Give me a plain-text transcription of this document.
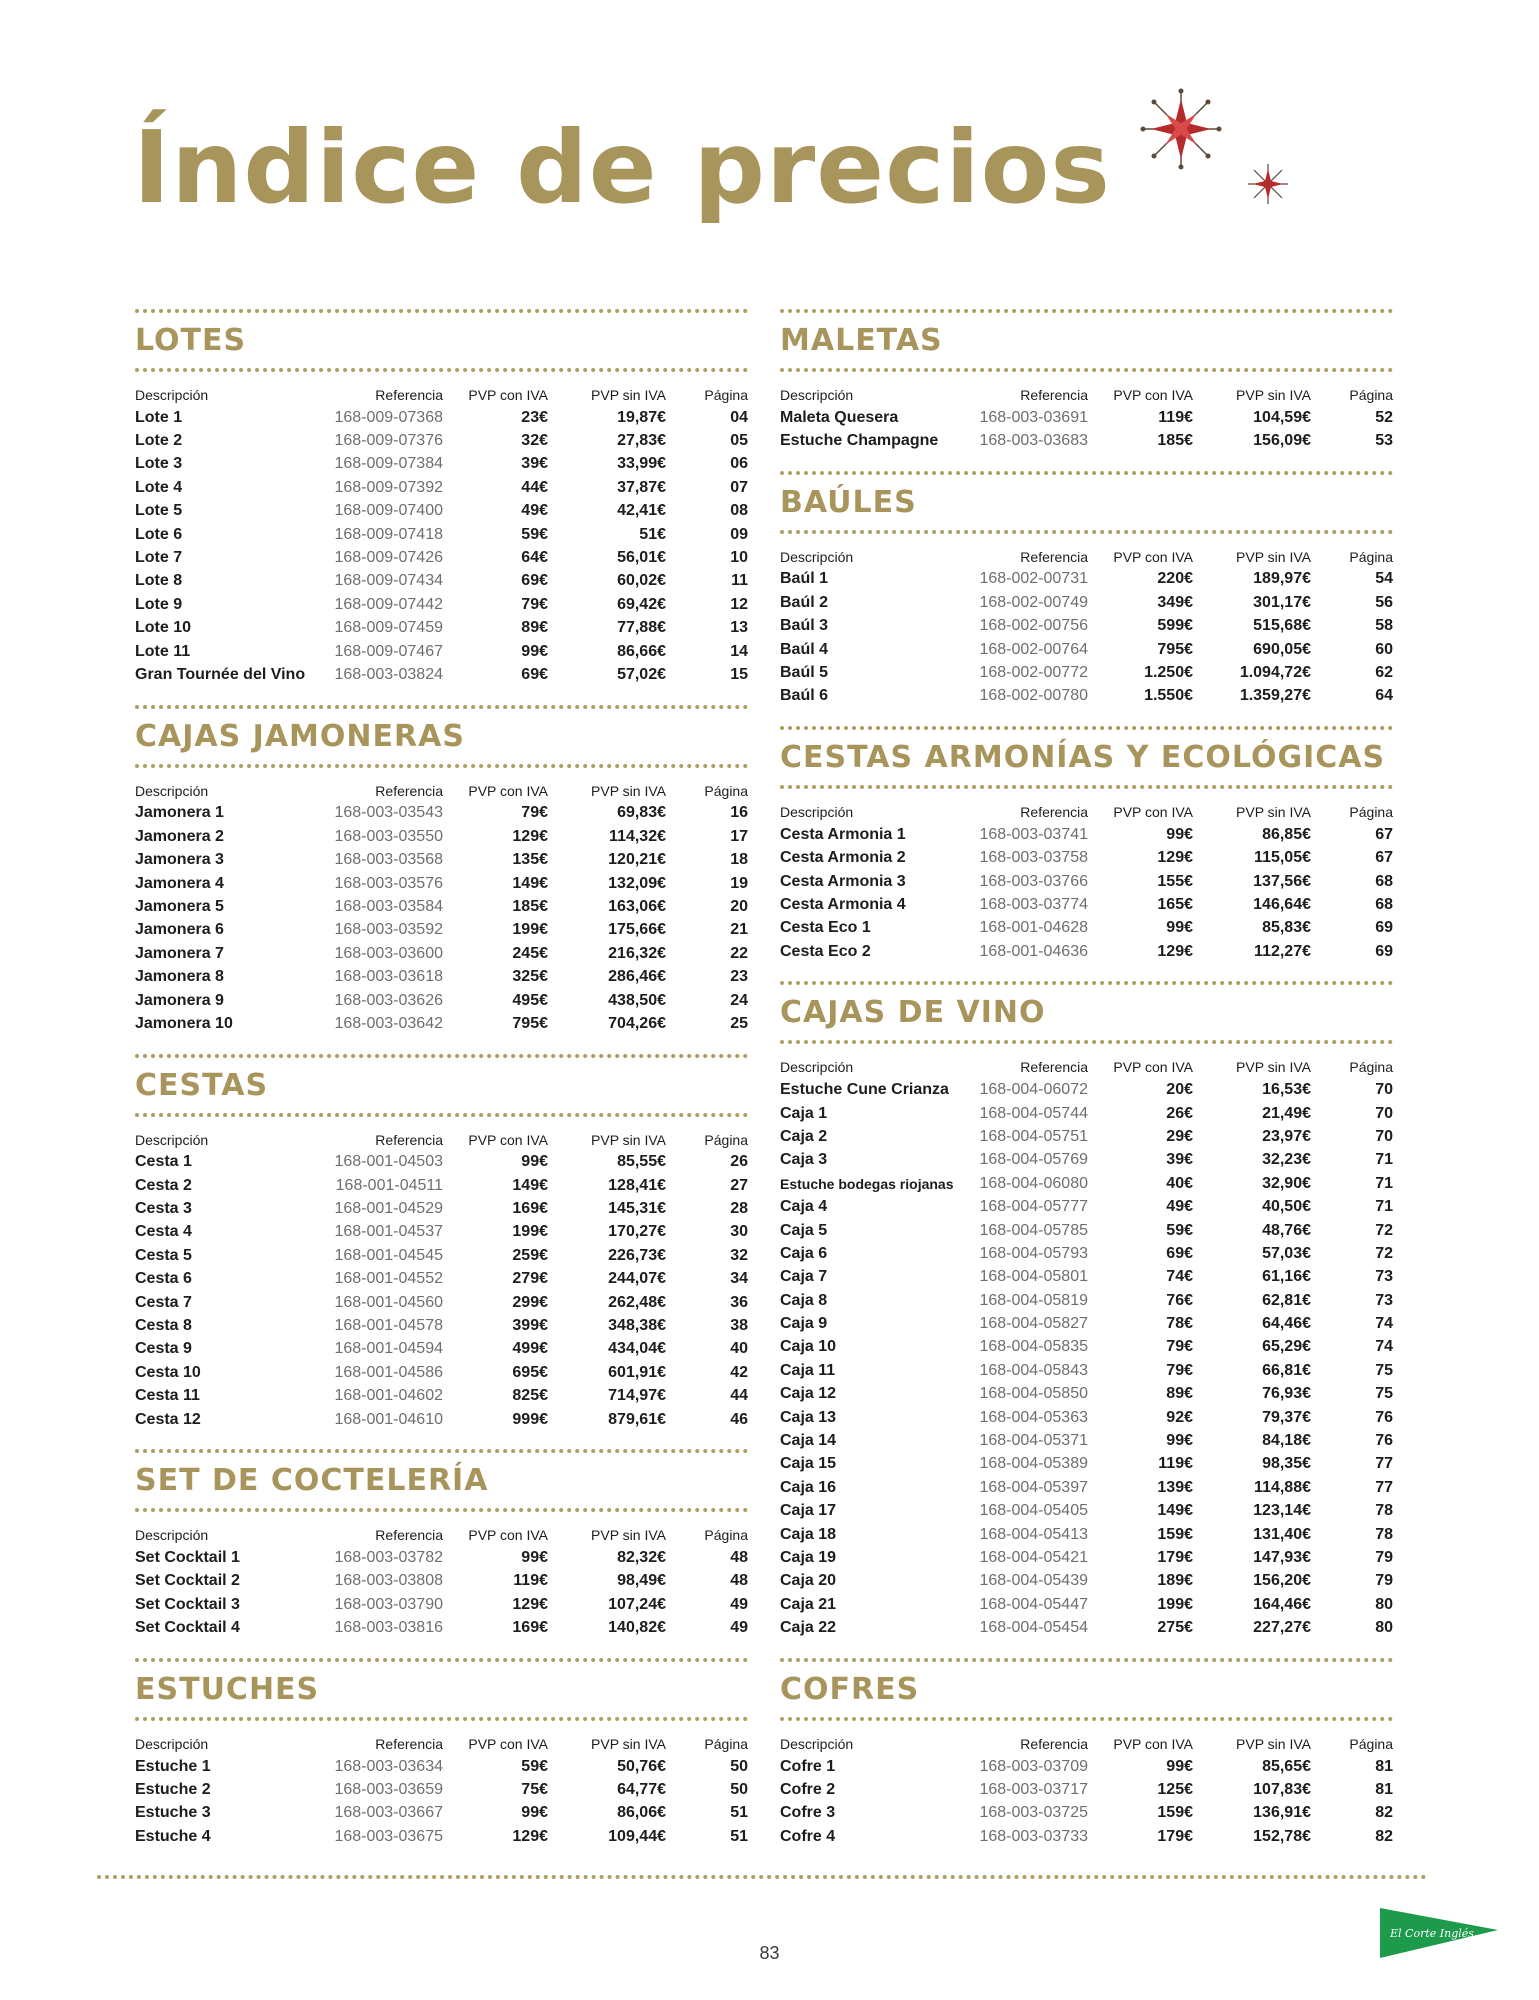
Índice de precios
LOTES
Descripción	Referencia	PVP con IVA	PVP sin IVA	Página
Lote 1	168-009-07368	23€	19,87€	04
Lote 2	168-009-07376	32€	27,83€	05
Lote 3	168-009-07384	39€	33,99€	06
Lote 4	168-009-07392	44€	37,87€	07
Lote 5	168-009-07400	49€	42,41€	08
Lote 6	168-009-07418	59€	51€	09
Lote 7	168-009-07426	64€	56,01€	10
Lote 8	168-009-07434	69€	60,02€	11
Lote 9	168-009-07442	79€	69,42€	12
Lote 10	168-009-07459	89€	77,88€	13
Lote 11	168-009-07467	99€	86,66€	14
Gran Tournée del Vino	168-003-03824	69€	57,02€	15
CAJAS JAMONERAS
Descripción	Referencia	PVP con IVA	PVP sin IVA	Página
Jamonera 1	168-003-03543	79€	69,83€	16
Jamonera 2	168-003-03550	129€	114,32€	17
Jamonera 3	168-003-03568	135€	120,21€	18
Jamonera 4	168-003-03576	149€	132,09€	19
Jamonera 5	168-003-03584	185€	163,06€	20
Jamonera 6	168-003-03592	199€	175,66€	21
Jamonera 7	168-003-03600	245€	216,32€	22
Jamonera 8	168-003-03618	325€	286,46€	23
Jamonera 9	168-003-03626	495€	438,50€	24
Jamonera 10	168-003-03642	795€	704,26€	25
CESTAS
Descripción	Referencia	PVP con IVA	PVP sin IVA	Página
Cesta 1	168-001-04503	99€	85,55€	26
Cesta 2	168-001-04511	149€	128,41€	27
Cesta 3	168-001-04529	169€	145,31€	28
Cesta 4	168-001-04537	199€	170,27€	30
Cesta 5	168-001-04545	259€	226,73€	32
Cesta 6	168-001-04552	279€	244,07€	34
Cesta 7	168-001-04560	299€	262,48€	36
Cesta 8	168-001-04578	399€	348,38€	38
Cesta 9	168-001-04594	499€	434,04€	40
Cesta 10	168-001-04586	695€	601,91€	42
Cesta 11	168-001-04602	825€	714,97€	44
Cesta 12	168-001-04610	999€	879,61€	46
SET DE COCTELERÍA
Descripción	Referencia	PVP con IVA	PVP sin IVA	Página
Set Cocktail 1	168-003-03782	99€	82,32€	48
Set Cocktail 2	168-003-03808	119€	98,49€	48
Set Cocktail 3	168-003-03790	129€	107,24€	49
Set Cocktail 4	168-003-03816	169€	140,82€	49
ESTUCHES
Descripción	Referencia	PVP con IVA	PVP sin IVA	Página
Estuche 1	168-003-03634	59€	50,76€	50
Estuche 2	168-003-03659	75€	64,77€	50
Estuche 3	168-003-03667	99€	86,06€	51
Estuche 4	168-003-03675	129€	109,44€	51
MALETAS
Descripción	Referencia	PVP con IVA	PVP sin IVA	Página
Maleta Quesera	168-003-03691	119€	104,59€	52
Estuche Champagne	168-003-03683	185€	156,09€	53
BAÚLES
Descripción	Referencia	PVP con IVA	PVP sin IVA	Página
Baúl 1	168-002-00731	220€	189,97€	54
Baúl 2	168-002-00749	349€	301,17€	56
Baúl 3	168-002-00756	599€	515,68€	58
Baúl 4	168-002-00764	795€	690,05€	60
Baúl 5	168-002-00772	1.250€	1.094,72€	62
Baúl 6	168-002-00780	1.550€	1.359,27€	64
CESTAS ARMONÍAS Y ECOLÓGICAS
Descripción	Referencia	PVP con IVA	PVP sin IVA	Página
Cesta Armonia 1	168-003-03741	99€	86,85€	67
Cesta Armonia 2	168-003-03758	129€	115,05€	67
Cesta Armonia 3	168-003-03766	155€	137,56€	68
Cesta Armonia 4	168-003-03774	165€	146,64€	68
Cesta Eco 1	168-001-04628	99€	85,83€	69
Cesta Eco 2	168-001-04636	129€	112,27€	69
CAJAS DE VINO
Descripción	Referencia	PVP con IVA	PVP sin IVA	Página
Estuche Cune Crianza	168-004-06072	20€	16,53€	70
Caja 1	168-004-05744	26€	21,49€	70
Caja 2	168-004-05751	29€	23,97€	70
Caja 3	168-004-05769	39€	32,23€	71
Estuche bodegas riojanas	168-004-06080	40€	32,90€	71
Caja 4	168-004-05777	49€	40,50€	71
Caja 5	168-004-05785	59€	48,76€	72
Caja 6	168-004-05793	69€	57,03€	72
Caja 7	168-004-05801	74€	61,16€	73
Caja 8	168-004-05819	76€	62,81€	73
Caja 9	168-004-05827	78€	64,46€	74
Caja 10	168-004-05835	79€	65,29€	74
Caja 11	168-004-05843	79€	66,81€	75
Caja 12	168-004-05850	89€	76,93€	75
Caja 13	168-004-05363	92€	79,37€	76
Caja 14	168-004-05371	99€	84,18€	76
Caja 15	168-004-05389	119€	98,35€	77
Caja 16	168-004-05397	139€	114,88€	77
Caja 17	168-004-05405	149€	123,14€	78
Caja 18	168-004-05413	159€	131,40€	78
Caja 19	168-004-05421	179€	147,93€	79
Caja 20	168-004-05439	189€	156,20€	79
Caja 21	168-004-05447	199€	164,46€	80
Caja 22	168-004-05454	275€	227,27€	80
COFRES
Descripción	Referencia	PVP con IVA	PVP sin IVA	Página
Cofre 1	168-003-03709	99€	85,65€	81
Cofre 2	168-003-03717	125€	107,83€	81
Cofre 3	168-003-03725	159€	136,91€	82
Cofre 4	168-003-03733	179€	152,78€	82
83
El Corte Inglés
